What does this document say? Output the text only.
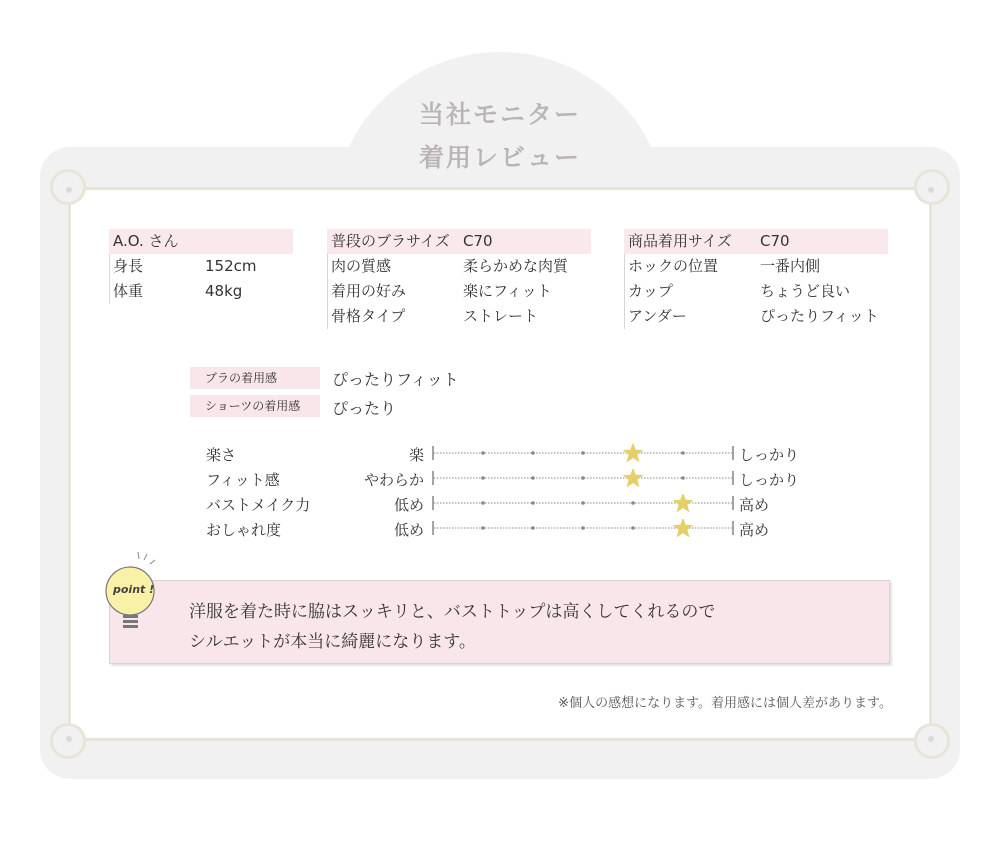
当社モニター
着用レビュー
A.O. さん
身長	152cm
体重	48kg
普段のブラサイズ C70
肉の質感	柔らかめな肉質
着用の好み	楽にフィット
骨格タイプ	ストレート
商品着用サイズ C70
ホックの位置	一番内側
カップ	ちょうど良い
アンダー	ぴったりフィット
ブラの着用感	ぴったりフィット
ショーツの着用感	ぴったり
楽さ	楽	しっかり
フィット感	やわらか	しっかり
バストメイク力	低め	高め
おしゃれ度	低め	高め
point !
洋服を着た時に脇はスッキリと、バストトップは高くしてくれるので
シルエットが本当に綺麗になります。
※個人の感想になります。着用感には個人差があります。
